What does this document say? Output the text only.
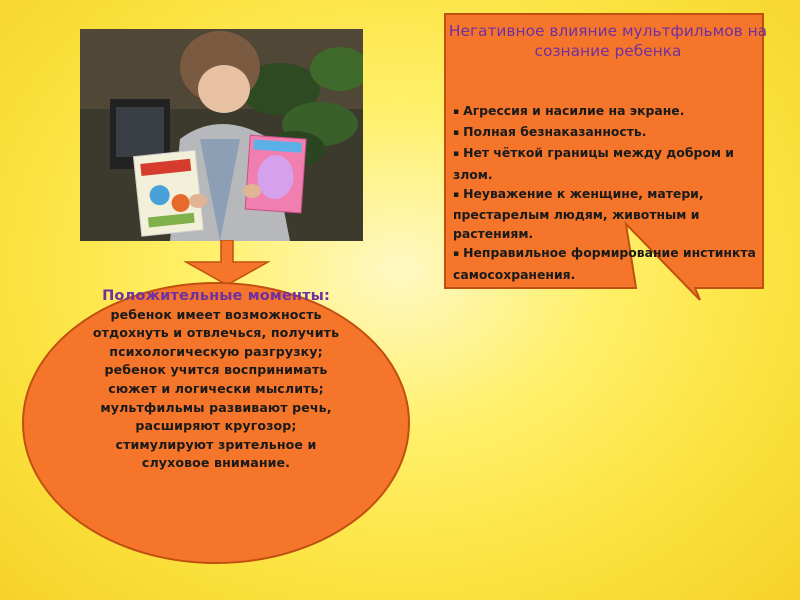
Положительные моменты: ребенок имеет возможность отдохнуть и отвлечься, получить психологическую разгрузку; ребенок учится воспринимать сюжет и логически мыслить; мультфильмы развивают речь, расширяют кругозор; стимулируют зрительное и слуховое внимание.
Негативное влияние мультфильмов на сознание ребенка
▪ Агрессия и насилие на экране.
▪ Полная безнаказанность.
▪ Нет чёткой границы между добром и злом.
▪ Неуважение к женщине, матери, престарелым людям, животным и растениям.
▪ Неправильное формирование инстинкта самосохранения.
